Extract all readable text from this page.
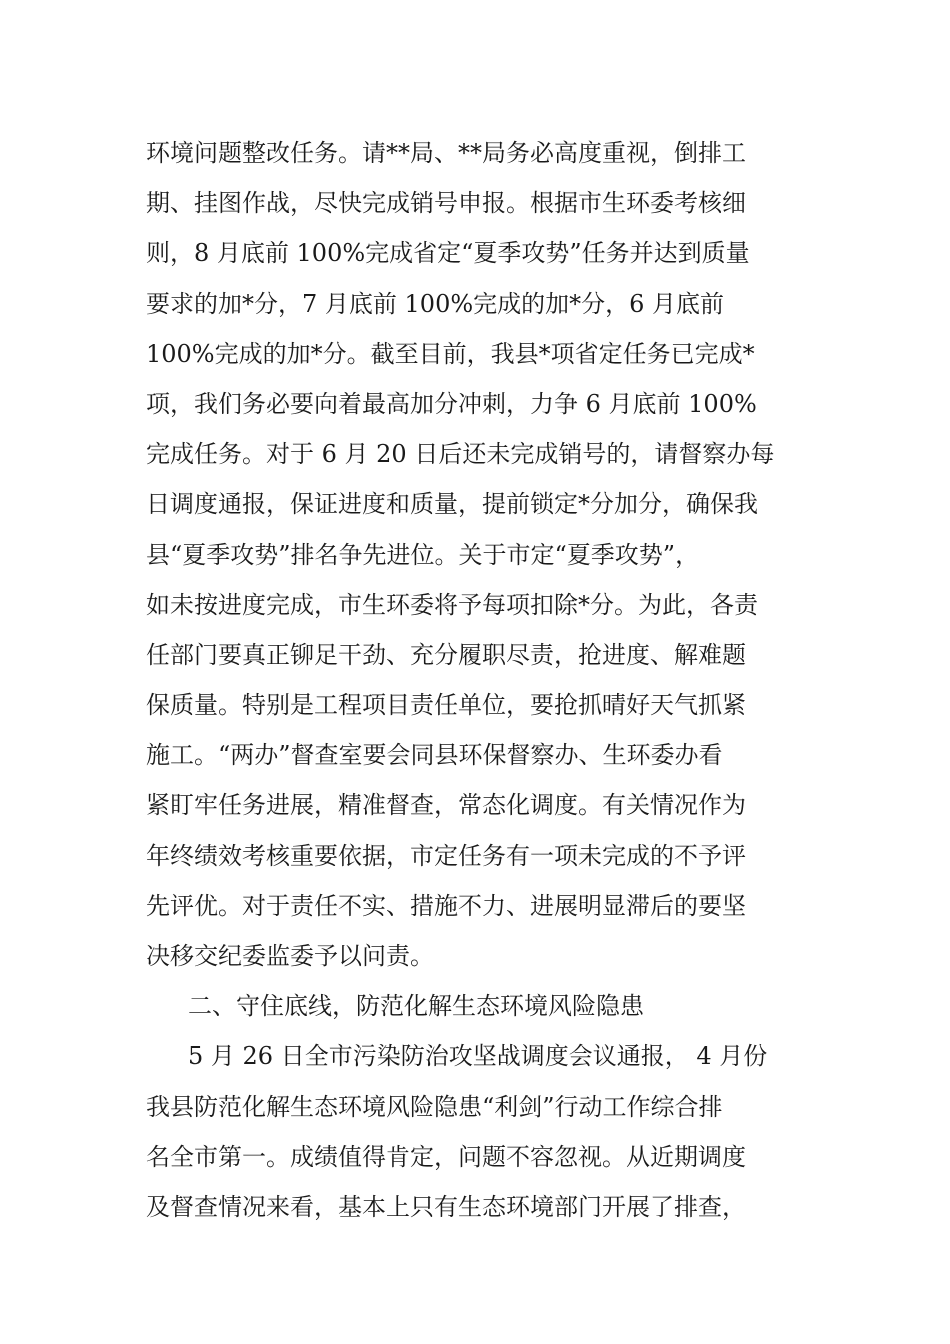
环境问题整改任务。请**局、**局务必高度重视，倒排工
期、挂图作战，尽快完成销号申报。根据市生环委考核细
则，8 月底前 100%完成省定“夏季攻势”任务并达到质量
要求的加*分，7 月底前 100%完成的加*分，6 月底前
100%完成的加*分。截至目前，我县*项省定任务已完成*
项，我们务必要向着最高加分冲刺，力争 6 月底前 100%
完成任务。对于 6 月 20 日后还未完成销号的，请督察办每
日调度通报，保证进度和质量，提前锁定*分加分，确保我
县“夏季攻势”排名争先进位。关于市定“夏季攻势”，
如未按进度完成，市生环委将予每项扣除*分。为此，各责
任部门要真正铆足干劲、充分履职尽责，抢进度、解难题
保质量。特别是工程项目责任单位，要抢抓晴好天气抓紧
施工。“两办”督查室要会同县环保督察办、生环委办看
紧盯牢任务进展，精准督查，常态化调度。有关情况作为
年终绩效考核重要依据，市定任务有一项未完成的不予评
先评优。对于责任不实、措施不力、进展明显滞后的要坚
决移交纪委监委予以问责。
二、守住底线，防范化解生态环境风险隐患
5 月 26 日全市污染防治攻坚战调度会议通报， 4 月份
我县防范化解生态环境风险隐患“利剑”行动工作综合排
名全市第一。成绩值得肯定，问题不容忽视。从近期调度
及督查情况来看，基本上只有生态环境部门开展了排查，
